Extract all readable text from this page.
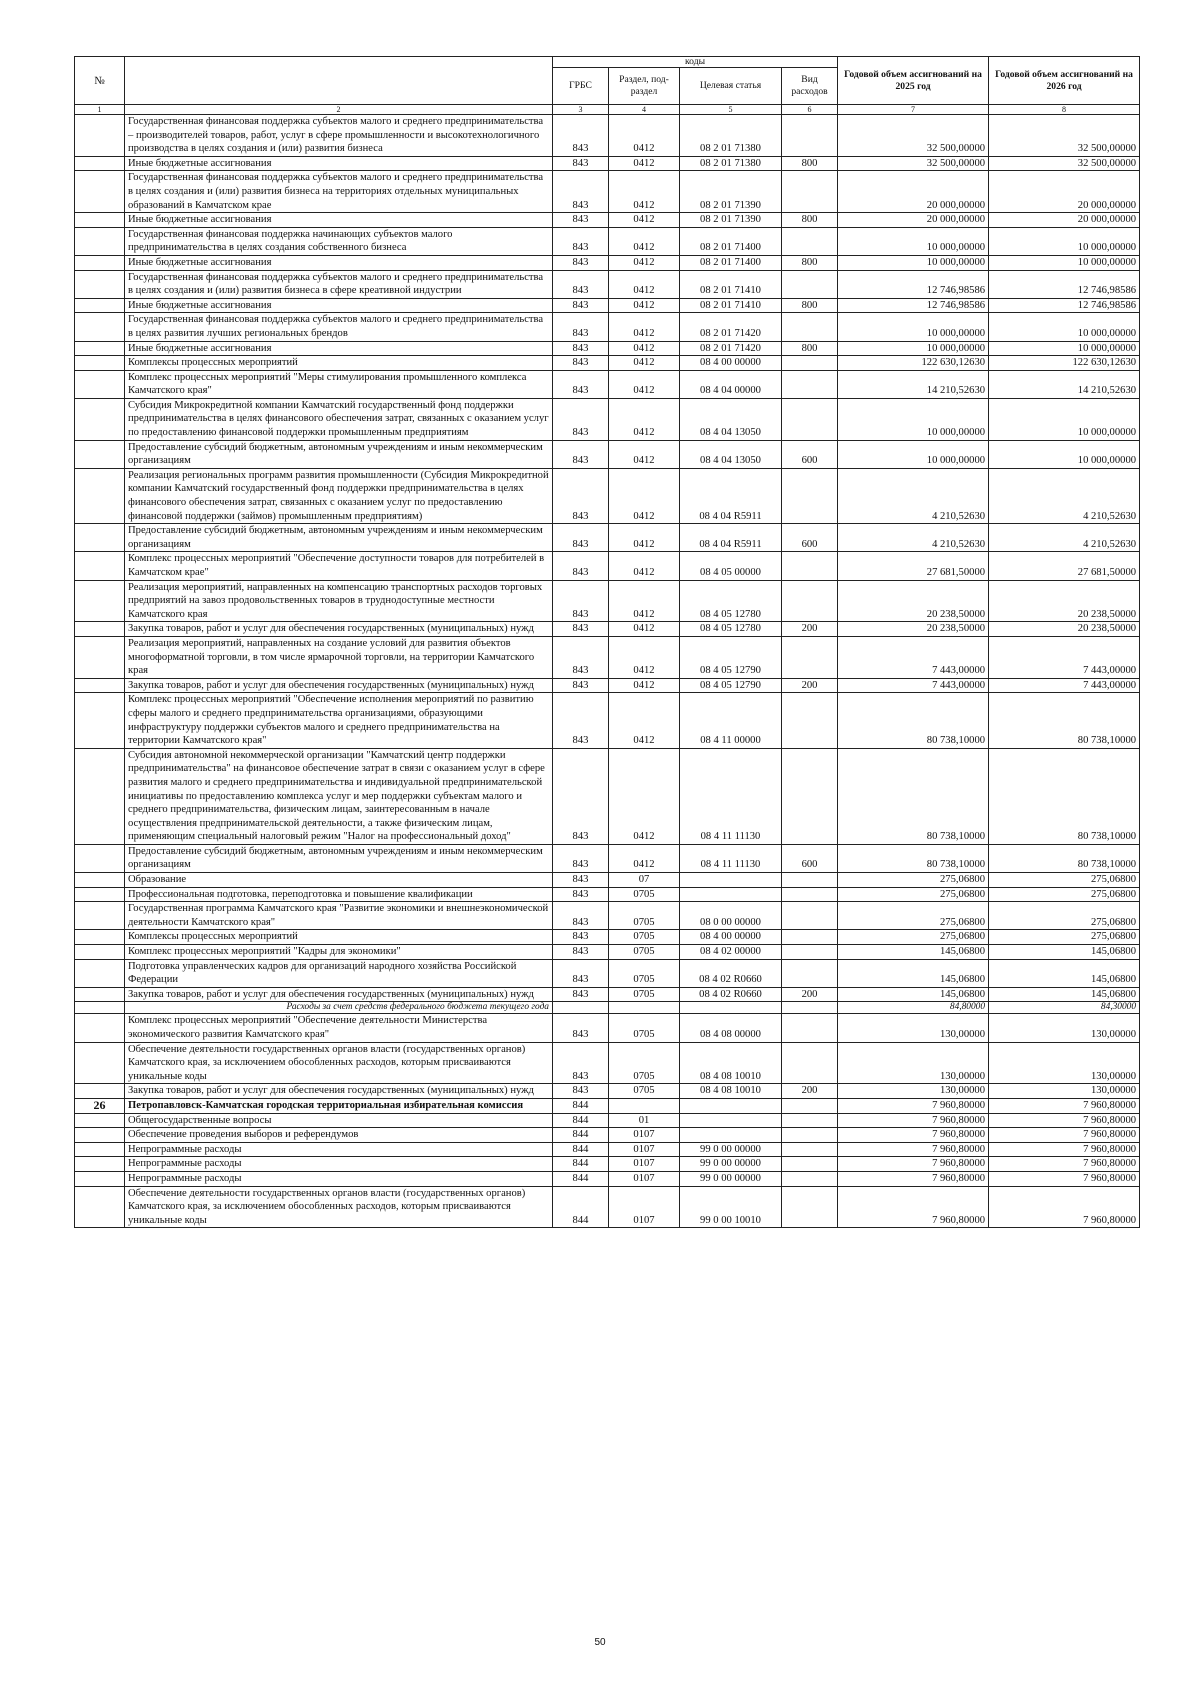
№		коды				Годовой объем ассигнований на 2025 год	Годовой объем ассигнований на 2026 год
		ГРБС	Раздел, под-раздел	Целевая статья	Вид расходов		
1	2	3	4	5	6	7	8
	Государственная финансовая поддержка субъектов малого и среднего предпринимательства – производителей товаров, работ, услуг в сфере промышленности и высокотехнологичного производства в целях создания и (или) развития бизнеса	843	0412	08 2 01 71380		32 500,00000	32 500,00000
	Иные бюджетные ассигнования	843	0412	08 2 01 71380	800	32 500,00000	32 500,00000
	Государственная финансовая поддержка субъектов малого и среднего предпринимательства в целях создания и (или) развития бизнеса на территориях отдельных муниципальных образований в Камчатском крае	843	0412	08 2 01 71390		20 000,00000	20 000,00000
	Иные бюджетные ассигнования	843	0412	08 2 01 71390	800	20 000,00000	20 000,00000
	Государственная финансовая поддержка начинающих субъектов малого предпринимательства в целях создания собственного бизнеса	843	0412	08 2 01 71400		10 000,00000	10 000,00000
	Иные бюджетные ассигнования	843	0412	08 2 01 71400	800	10 000,00000	10 000,00000
	Государственная финансовая поддержка субъектов малого и среднего предпринимательства в целях создания и (или) развития бизнеса в сфере креативной индустрии	843	0412	08 2 01 71410		12 746,98586	12 746,98586
	Иные бюджетные ассигнования	843	0412	08 2 01 71410	800	12 746,98586	12 746,98586
	Государственная финансовая поддержка субъектов малого и среднего предпринимательства в целях развития лучших региональных брендов	843	0412	08 2 01 71420		10 000,00000	10 000,00000
	Иные бюджетные ассигнования	843	0412	08 2 01 71420	800	10 000,00000	10 000,00000
	Комплексы процессных мероприятий	843	0412	08 4 00 00000		122 630,12630	122 630,12630
	Комплекс процессных мероприятий "Меры стимулирования промышленного комплекса Камчатского края"	843	0412	08 4 04 00000		14 210,52630	14 210,52630
	Субсидия Микрокредитной компании Камчатский государственный фонд поддержки предпринимательства в целях финансового обеспечения затрат, связанных с оказанием услуг по предоставлению финансовой поддержки промышленным предприятиям	843	0412	08 4 04 13050		10 000,00000	10 000,00000
	Предоставление субсидий бюджетным, автономным учреждениям и иным некоммерческим организациям	843	0412	08 4 04 13050	600	10 000,00000	10 000,00000
	Реализация региональных программ развития промышленности (Субсидия Микрокредитной компании Камчатский государственный фонд поддержки предпринимательства в целях финансового обеспечения затрат, связанных с оказанием услуг по предоставлению финансовой поддержки (займов) промышленным предприятиям)	843	0412	08 4 04 R5911		4 210,52630	4 210,52630
	Предоставление субсидий бюджетным, автономным учреждениям и иным некоммерческим организациям	843	0412	08 4 04 R5911	600	4 210,52630	4 210,52630
	Комплекс процессных мероприятий "Обеспечение доступности товаров для потребителей в Камчатском крае"	843	0412	08 4 05 00000		27 681,50000	27 681,50000
	Реализация мероприятий, направленных на компенсацию транспортных расходов торговых предприятий на завоз продовольственных товаров в труднодоступные местности Камчатского края	843	0412	08 4 05 12780		20 238,50000	20 238,50000
	Закупка товаров, работ и услуг для обеспечения государственных (муниципальных) нужд	843	0412	08 4 05 12780	200	20 238,50000	20 238,50000
	Реализация мероприятий, направленных на создание условий для развития объектов многоформатной торговли, в том числе ярмарочной торговли, на территории Камчатского края	843	0412	08 4 05 12790		7 443,00000	7 443,00000
	Закупка товаров, работ и услуг для обеспечения государственных (муниципальных) нужд	843	0412	08 4 05 12790	200	7 443,00000	7 443,00000
	Комплекс процессных мероприятий "Обеспечение исполнения мероприятий по развитию сферы малого и среднего предпринимательства организациями, образующими инфраструктуру поддержки субъектов малого и среднего предпринимательства на территории Камчатского края"	843	0412	08 4 11 00000		80 738,10000	80 738,10000
	Субсидия автономной некоммерческой организации "Камчатский центр поддержки предпринимательства" на финансовое обеспечение затрат в связи с оказанием услуг в сфере развития малого и среднего предпринимательства и индивидуальной предпринимательской инициативы по предоставлению комплекса услуг и мер поддержки субъектам малого и среднего предпринимательства, физическим лицам, заинтересованным в начале осуществления предпринимательской деятельности, а также физическим лицам, применяющим специальный налоговый режим "Налог на профессиональный доход"	843	0412	08 4 11 11130		80 738,10000	80 738,10000
	Предоставление субсидий бюджетным, автономным учреждениям и иным некоммерческим организациям	843	0412	08 4 11 11130	600	80 738,10000	80 738,10000
	Образование	843	07			275,06800	275,06800
	Профессиональная подготовка, переподготовка и повышение квалификации	843	0705			275,06800	275,06800
	Государственная программа Камчатского края "Развитие экономики и внешнеэкономической деятельности Камчатского края"	843	0705	08 0 00 00000		275,06800	275,06800
	Комплексы процессных мероприятий	843	0705	08 4 00 00000		275,06800	275,06800
	Комплекс процессных мероприятий "Кадры для экономики"	843	0705	08 4 02 00000		145,06800	145,06800
	Подготовка управленческих кадров для организаций народного хозяйства Российской Федерации	843	0705	08 4 02 R0660		145,06800	145,06800
	Закупка товаров, работ и услуг для обеспечения государственных (муниципальных) нужд	843	0705	08 4 02 R0660	200	145,06800	145,06800
	Расходы за счет средств федерального бюджета текущего года					84,80000	84,30000
	Комплекс процессных мероприятий "Обеспечение деятельности Министерства экономического развития Камчатского края"	843	0705	08 4 08 00000		130,00000	130,00000
	Обеспечение деятельности государственных органов власти (государственных органов) Камчатского края, за исключением обособленных расходов, которым присваиваются уникальные коды	843	0705	08 4 08 10010		130,00000	130,00000
	Закупка товаров, работ и услуг для обеспечения государственных (муниципальных) нужд	843	0705	08 4 08 10010	200	130,00000	130,00000
26	Петропавловск-Камчатская городская территориальная избирательная комиссия	844				7 960,80000	7 960,80000
	Общегосударственные вопросы	844	01			7 960,80000	7 960,80000
	Обеспечение проведения выборов и референдумов	844	0107			7 960,80000	7 960,80000
	Непрограммные расходы	844	0107	99 0 00 00000		7 960,80000	7 960,80000
	Непрограммные расходы	844	0107	99 0 00 00000		7 960,80000	7 960,80000
	Непрограммные расходы	844	0107	99 0 00 00000		7 960,80000	7 960,80000
	Обеспечение деятельности государственных органов власти (государственных органов) Камчатского края, за исключением обособленных расходов, которым присваиваются уникальные коды	844	0107	99 0 00 10010		7 960,80000	7 960,80000
50
